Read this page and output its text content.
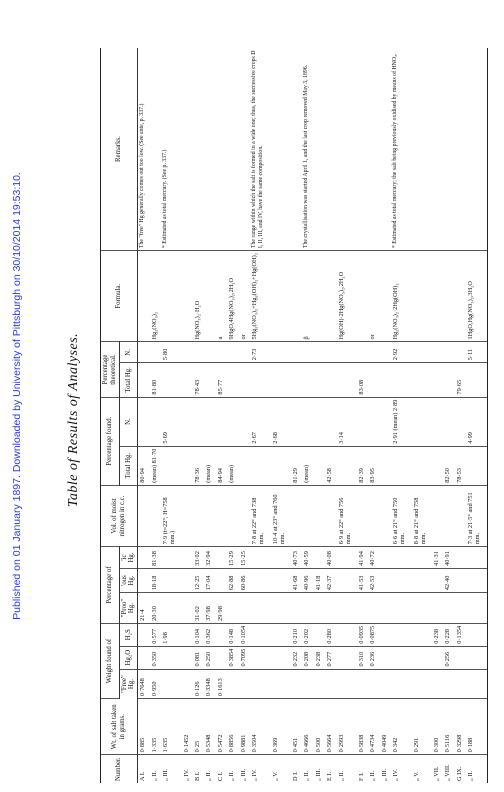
Published on 01 January 1897. Downloaded by University of Pittsburgh on 30/10/2014 19:53:10.	Table of Results of Analyses.
Number.	Wt. of salt taken in grams.	Weight found of			Percentage of			Vol. of moist nitrogen in c.c.	Percentage found.		Percentage theoretical.		Formula.	Remarks.
		"Free" Hg.	Hg₂O	H₂S	"Proo" Hg.	'ous Hg.	'ic Hg.		Total Hg.	N.	Total Hg.	N.		
A I.	0·885	0·7648			21·4				80·94					The "free" Hg generally comes out too low. (See ante, p. 337.)
„ II.	1·335	0·950	0·350	0·577	20·30	18·18	81·38		(mean) 81·70		81·80		Hg₂(NO₃)₂	
„ III.	1·635			1·98				7·9 (t=22°, H=758 mm.)		5·69		5·80		* Estimated as total mercury. (See p. 337.)
„ IV.	0·1452													
B I.	0·25	0·126	0·081	0·104	31·02	12·25	33·02		78·36		78·43		Hg(NO₃)₂·H₂O	
„ II.	0·5348	0·3348	0·250	0·362	37·98	17·04	32·94		(mean)					
C I.	0·5472	0·1613			29·98				84·94		85·77		a	
„ II.	0·8856		0·3854	0·148		62·88	15·29		(mean)				9HgO,4Hg(NO₃)₂,2H₂O	
„ III.	0·9881		0·7095	0·1054		60·86	15·25						or	
„ IV.	0·3504							7·8 at 22° and 738 mm.		2·67		2·73	5Hg₂(NO₃)₂+Hg₂(OH)₂+Hg(OH)₂	The range within which the salt is formed in a wide one; thus, the successive crops D I, II, III, and IV, have the same composition.
„ V.	0·369							10·4 at 23° and 760 mm.		2·68				
D I.	0·451		0·232	0·210		41·68	40·73		81·29					
„ II.	0·4666		0·208	0·202		40·96	40·59		(mean)				β	The crystallisation was started April 1, and the last crop removed May 3, 1896.
„ III.	0·500		0·238			41·18								
E I.	0·5664		0·277	0·280		42·37	40·08		42·58					
„ II.	0·2993							6·9 at 22° and 756 mm.		3·14			Hg(OH)·2Hg(NO₃)₂,2H₂O	
F I.	0·5838		0·310	0·0935		41·53	41·94		82·39		83·08			
„ II.	0·4734		0·236	0·0875		42·53	40·72		83·95				or	
„ III.	0·4049													
„ IV.	0·342							6·6 at 21° and 750 mm.		2·91 (mean) 2·89		2·92	Hg₂(NO₃)₂·2Hg(OH)₂	* Estimated as total mercury; the salt being previously oxidised by means of HNO₃.
„ V.	0·291							8·8 at 21° and 758 mm.						
„ VII.	0·300			0·238			41·31							
„ VIII.	0·5116		0·256	0·228		42·40	40·91		82·50					
G IX.	0·3298			0·1354					78·53		79·65			
„ II.	0·188							7·3 at 21·5° and 751 mm.		4·99		5·11	1HgO,Hg(NO₃)₂,3H₂O	
